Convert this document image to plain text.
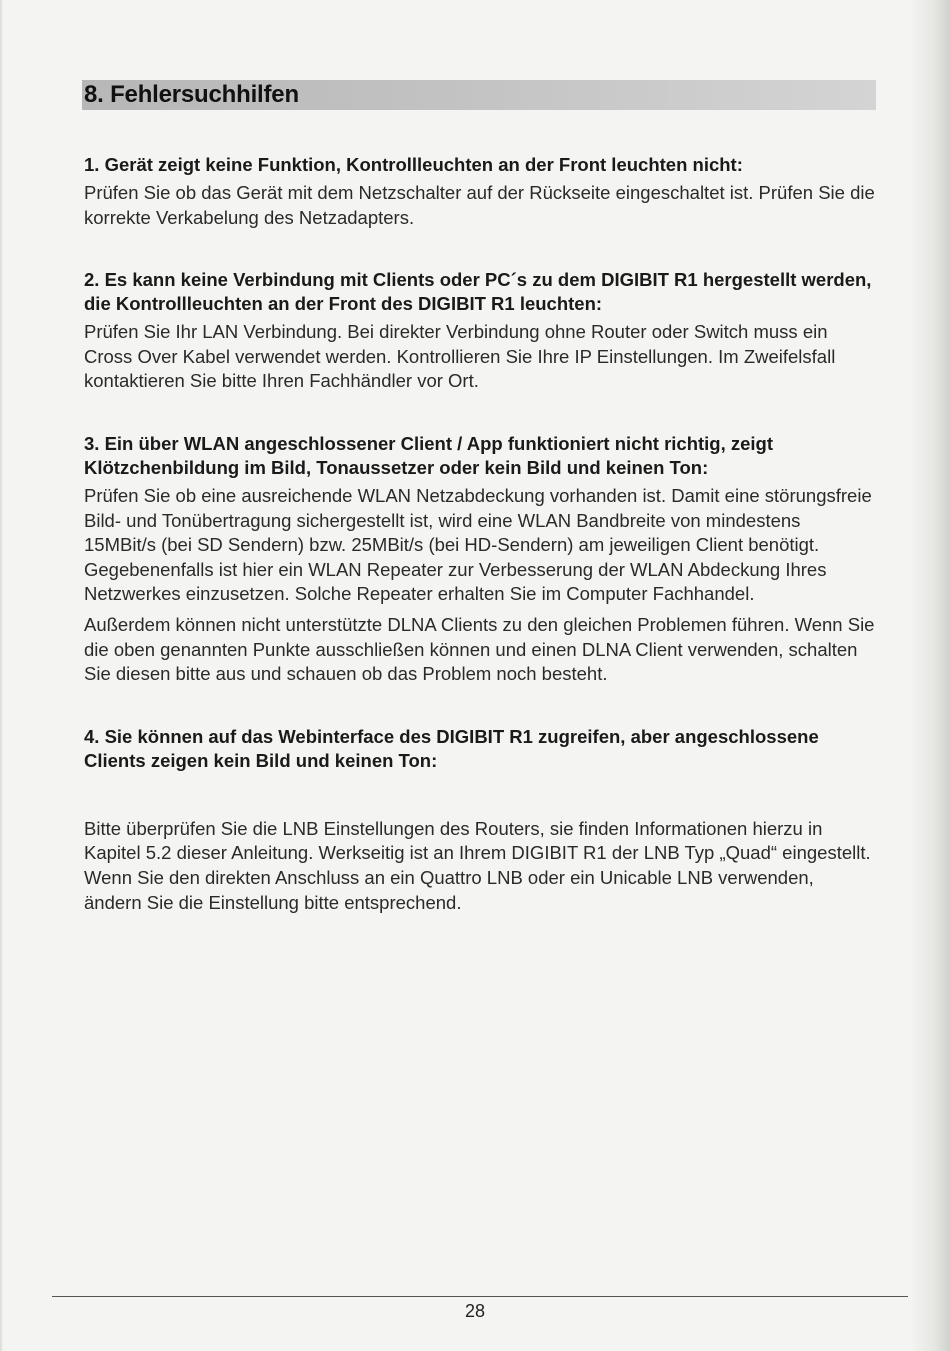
8. Fehlersuchhilfen

1. Gerät zeigt keine Funktion, Kontrollleuchten an der Front leuchten nicht:

Prüfen Sie ob das Gerät mit dem Netzschalter auf der Rückseite eingeschaltet ist. Prüfen Sie die korrekte Verkabelung des Netzadapters.

2. Es kann keine Verbindung mit Clients oder PC´s zu dem DIGIBIT R1 hergestellt werden, die Kontrollleuchten an der Front des DIGIBIT R1 leuchten:

Prüfen Sie Ihr LAN Verbindung. Bei direkter Verbindung ohne Router oder Switch muss ein Cross Over Kabel verwendet werden. Kontrollieren Sie Ihre IP Einstellungen. Im Zweifelsfall kontaktieren Sie bitte Ihren Fachhändler vor Ort.

3. Ein über WLAN angeschlossener Client / App funktioniert nicht richtig, zeigt Klötzchenbildung im Bild, Tonaussetzer oder kein Bild und keinen Ton:

Prüfen Sie ob eine ausreichende WLAN Netzabdeckung vorhanden ist. Damit eine störungsfreie Bild- und Tonübertragung sichergestellt ist, wird eine WLAN Bandbreite von mindestens 15MBit/s (bei SD Sendern) bzw. 25MBit/s (bei HD-Sendern) am jeweiligen Client benötigt. Gegebenenfalls ist hier ein WLAN Repeater zur Verbesserung der WLAN Abdeckung Ihres Netzwerkes einzusetzen. Solche Repeater erhalten Sie im Computer Fachhandel.

Außerdem können nicht unterstützte DLNA Clients zu den gleichen Problemen führen. Wenn Sie die oben genannten Punkte ausschließen können und einen DLNA Client verwenden, schalten Sie diesen bitte aus und schauen ob das Problem noch besteht.

4. Sie können auf das Webinterface des DIGIBIT R1 zugreifen, aber angeschlossene Clients zeigen kein Bild und keinen Ton:

Bitte überprüfen Sie die LNB Einstellungen des Routers, sie finden Informationen hierzu in Kapitel 5.2 dieser Anleitung. Werkseitig ist an Ihrem DIGIBIT R1 der LNB Typ „Quad“ eingestellt. Wenn Sie den direkten Anschluss an ein Quattro LNB oder ein Unicable LNB verwenden, ändern Sie die Einstellung bitte entsprechend.

28
